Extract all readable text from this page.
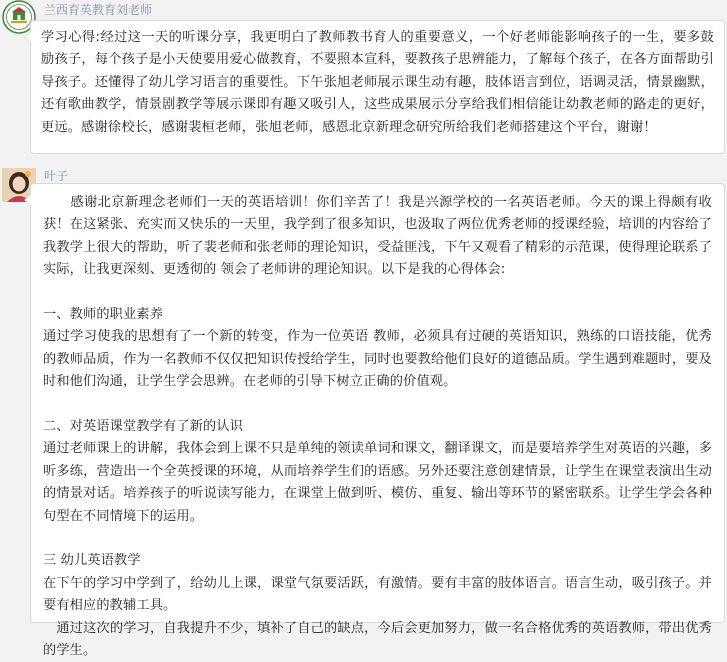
兰西育英教育刘老师

学习心得:经过这一天的听课分享，我更明白了教师教书育人的重要意义，一个好老师能影响孩子的一生，要多鼓励孩子，每个孩子是小天使要用爱心做教育，不要照本宣科，要教孩子思辨能力，了解每个孩子，在各方面帮助引导孩子。还懂得了幼儿学习语言的重要性。下午张旭老师展示课生动有趣，肢体语言到位，语调灵活，情景幽默，还有歌曲教学，情景剧教学等展示课即有趣又吸引人，这些成果展示分享给我们相信能让幼教老师的路走的更好，更远。感谢徐校长，感谢裴桓老师，张旭老师，感恩北京新理念研究所给我们老师搭建这个平台，谢谢！

叶子

　　感谢北京新理念老师们一天的英语培训！你们辛苦了！我是兴源学校的一名英语老师。今天的课上得颇有收获！在这紧张、充实而又快乐的一天里，我学到了很多知识，也汲取了两位优秀老师的授课经验，培训的内容给了我教学上很大的帮助，听了裴老师和张老师的理论知识，受益匪浅，下午又观看了精彩的示范课，使得理论联系了实际，让我更深刻、更透彻的 领会了老师讲的理论知识。以下是我的心得体会:

一、教师的职业素养

通过学习使我的思想有了一个新的转变，作为一位英语 教师，必须具有过硬的英语知识，熟练的口语技能，优秀的教师品质，作为一名教师不仅仅把知识传授给学生，同时也要教给他们良好的道德品质。学生遇到难题时，要及时和他们沟通，让学生学会思辨。在老师的引导下树立正确的价值观。

二、对英语课堂教学有了新的认识

通过老师课上的讲解，我体会到上课不只是单纯的领读单词和课文，翻译课文，而是要培养学生对英语的兴趣，多听多练，营造出一个全英授课的环境，从而培养学生们的语感。另外还要注意创建情景，让学生在课堂表演出生动的情景对话。培养孩子的听说读写能力，在课堂上做到听、模仿、重复、输出等环节的紧密联系。让学生学会各种句型在不同情境下的运用。

三 幼儿英语教学

在下午的学习中学到了，给幼儿上课，课堂气氛要活跃，有激情。要有丰富的肢体语言。语言生动，吸引孩子。并要有相应的教辅工具。

　通过这次的学习，自我提升不少，填补了自己的缺点，今后会更加努力，做一名合格优秀的英语教师，带出优秀的学生。
